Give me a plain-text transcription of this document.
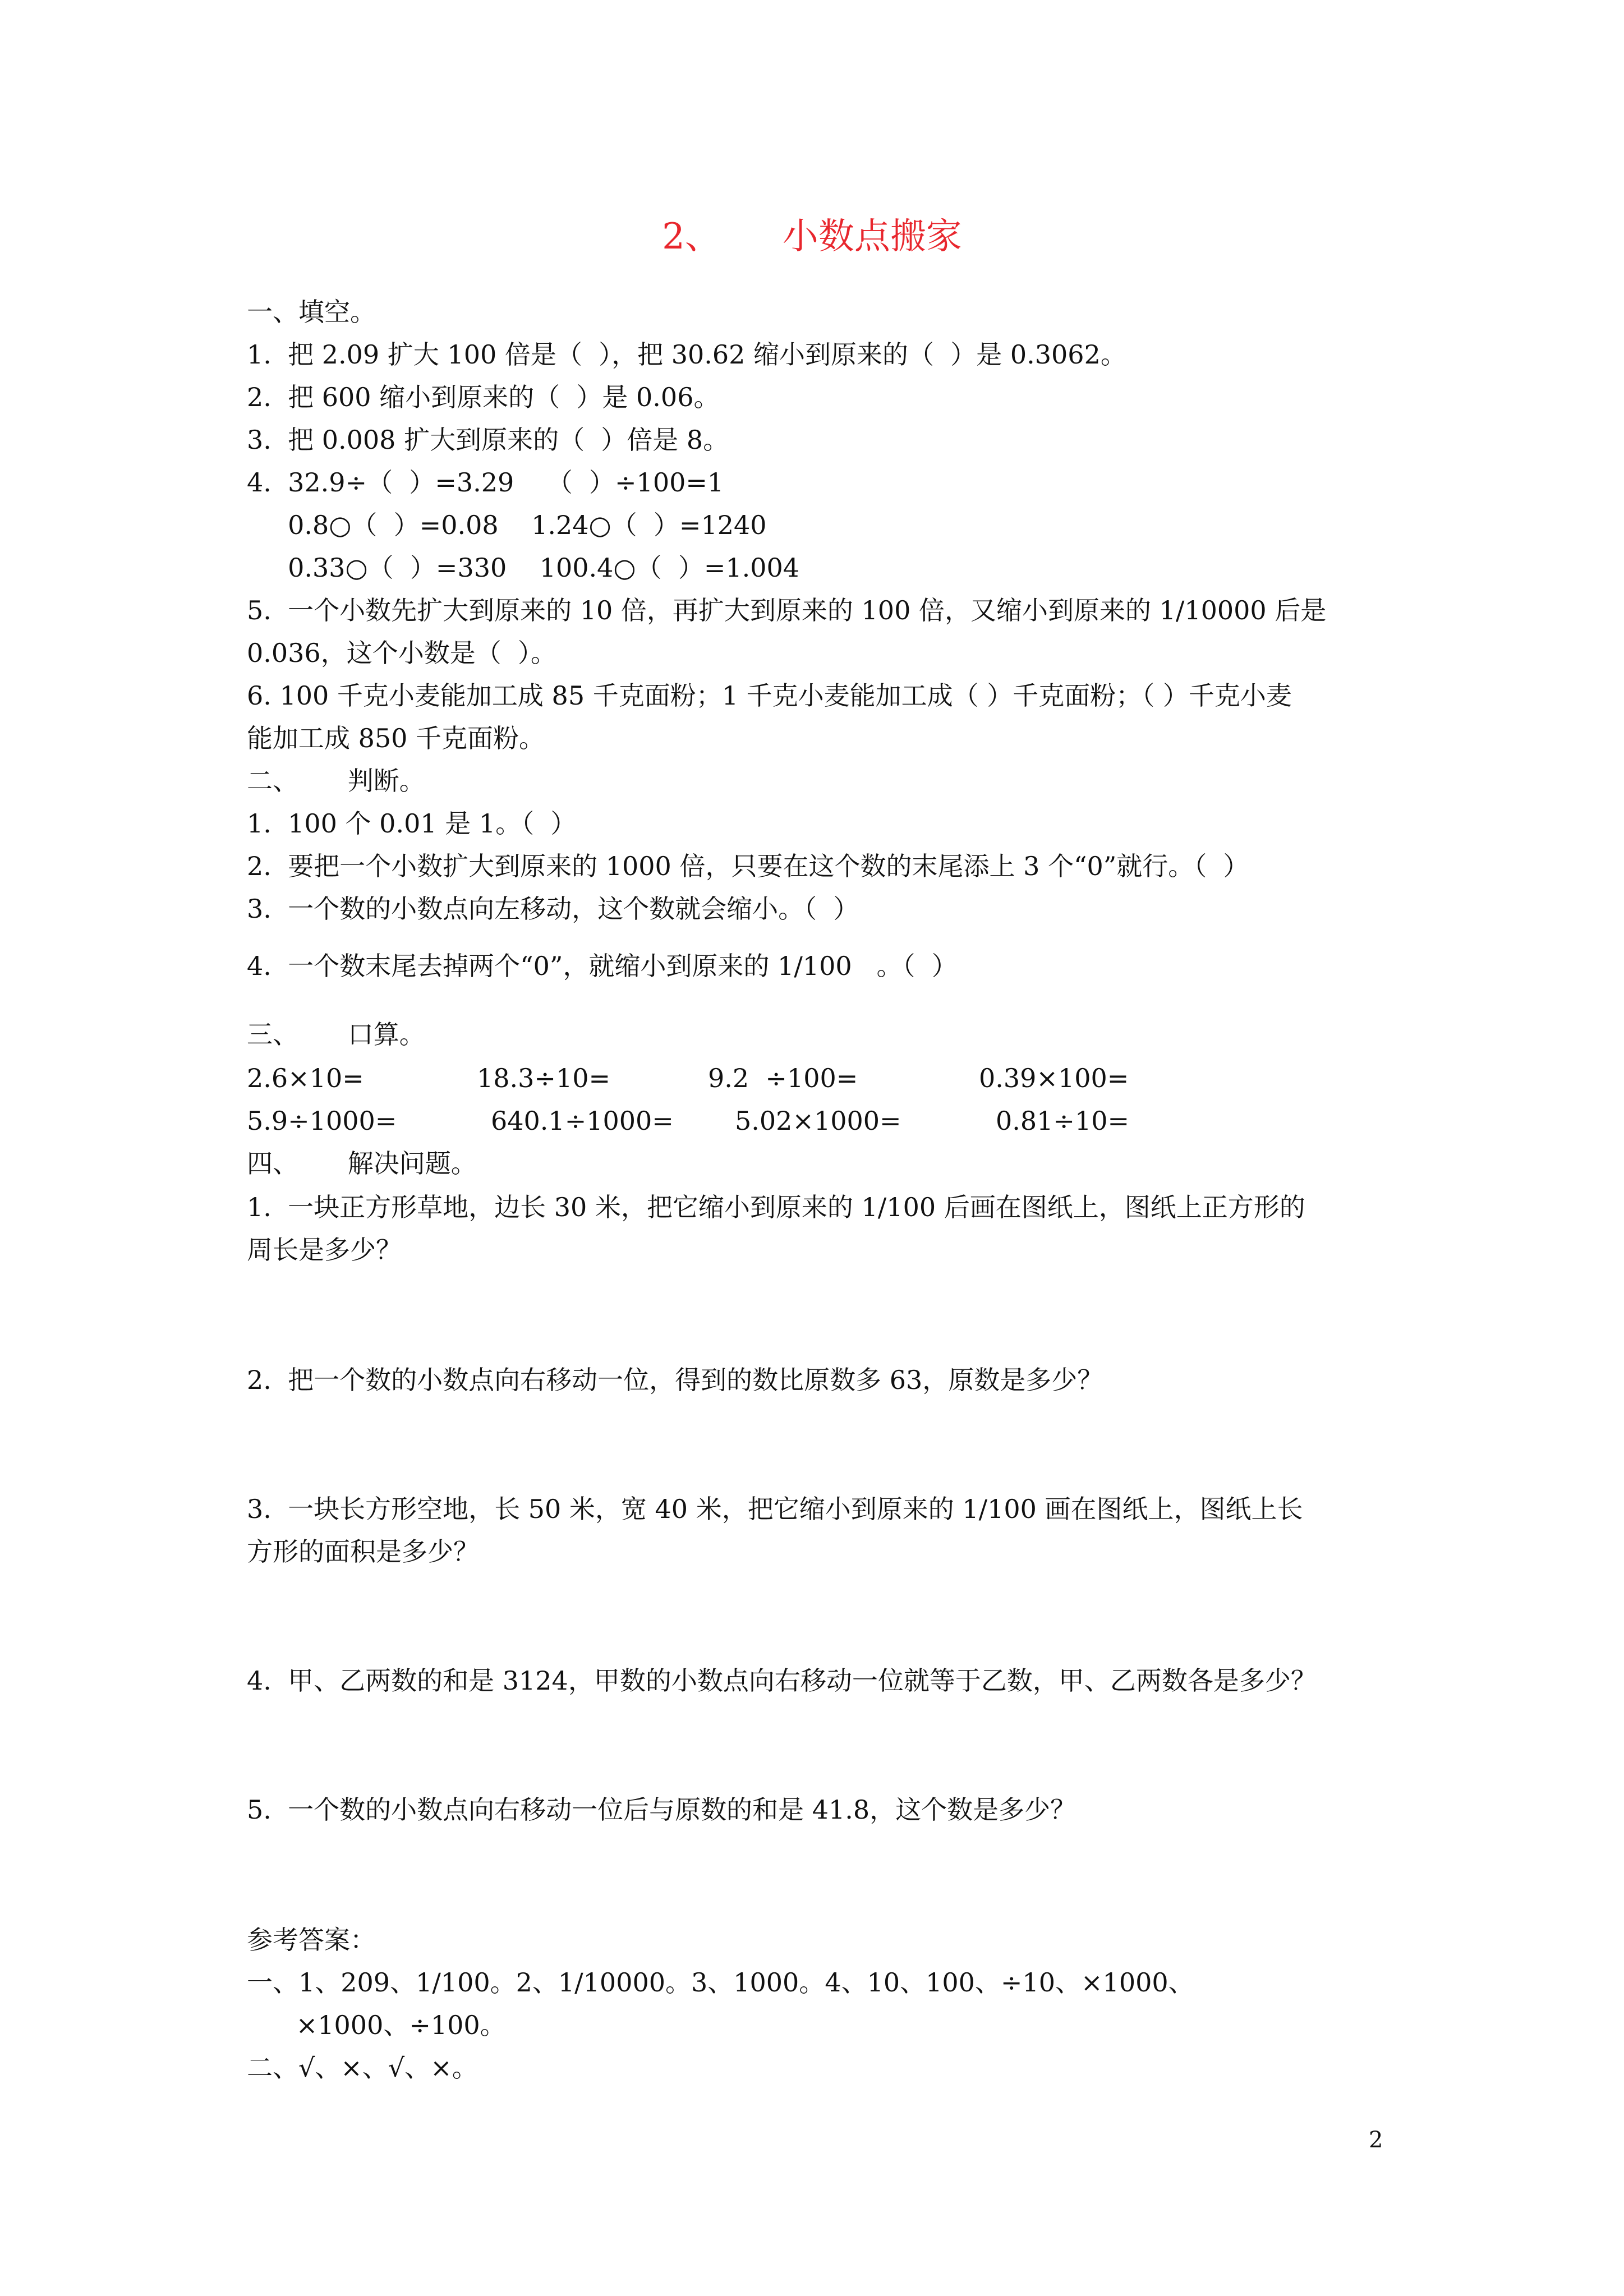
2、 小数点搬家

一、填空。

1.  把 2.09 扩大 100 倍是（  ），把 30.62 缩小到原来的（  ）是 0.3062。

2.  把 600 缩小到原来的（  ）是 0.06。

3.  把 0.008 扩大到原来的（  ）倍是 8。

4.  32.9÷（  ）=3.29    （  ）÷100=1

0.8○（  ）=0.08    1.24○（  ）=1240

0.33○（  ）=330    100.4○（  ）=1.004

5.  一个小数先扩大到原来的 10 倍，再扩大到原来的 100 倍，又缩小到原来的 1/10000 后是

0.036，这个小数是（  ）。

6. 100 千克小麦能加工成 85 千克面粉；1 千克小麦能加工成（ ）千克面粉；（ ）千克小麦

能加工成 850 千克面粉。

二、      判断。

1.  100 个 0.01 是 1。（  ）

2.  要把一个小数扩大到原来的 1000 倍，只要在这个数的末尾添上 3 个“0”就行。（  ）

3.  一个数的小数点向左移动，这个数就会缩小。（  ）

4.  一个数末尾去掉两个“0”，就缩小到原来的 1/100   。（  ）

三、      口算。

2.6×10=	18.3÷10=	9.2  ÷100=	0.39×100=
5.9÷1000=	640.1÷1000= 5.02×1000=	0.81÷10=

四、      解决问题。

1.  一块正方形草地，边长 30 米，把它缩小到原来的 1/100 后画在图纸上，图纸上正方形的

周长是多少？

2.  把一个数的小数点向右移动一位，得到的数比原数多 63，原数是多少？

3.  一块长方形空地，长 50 米，宽 40 米，把它缩小到原来的 1/100 画在图纸上，图纸上长

方形的面积是多少？

4.  甲、乙两数的和是 3124，甲数的小数点向右移动一位就等于乙数，甲、乙两数各是多少？

5.  一个数的小数点向右移动一位后与原数的和是 41.8，这个数是多少？

参考答案：

一、1、209、1/100。2、1/10000。3、1000。4、10、100、÷10、×1000、

×1000、÷100。

二、√、×、√、×。

2
